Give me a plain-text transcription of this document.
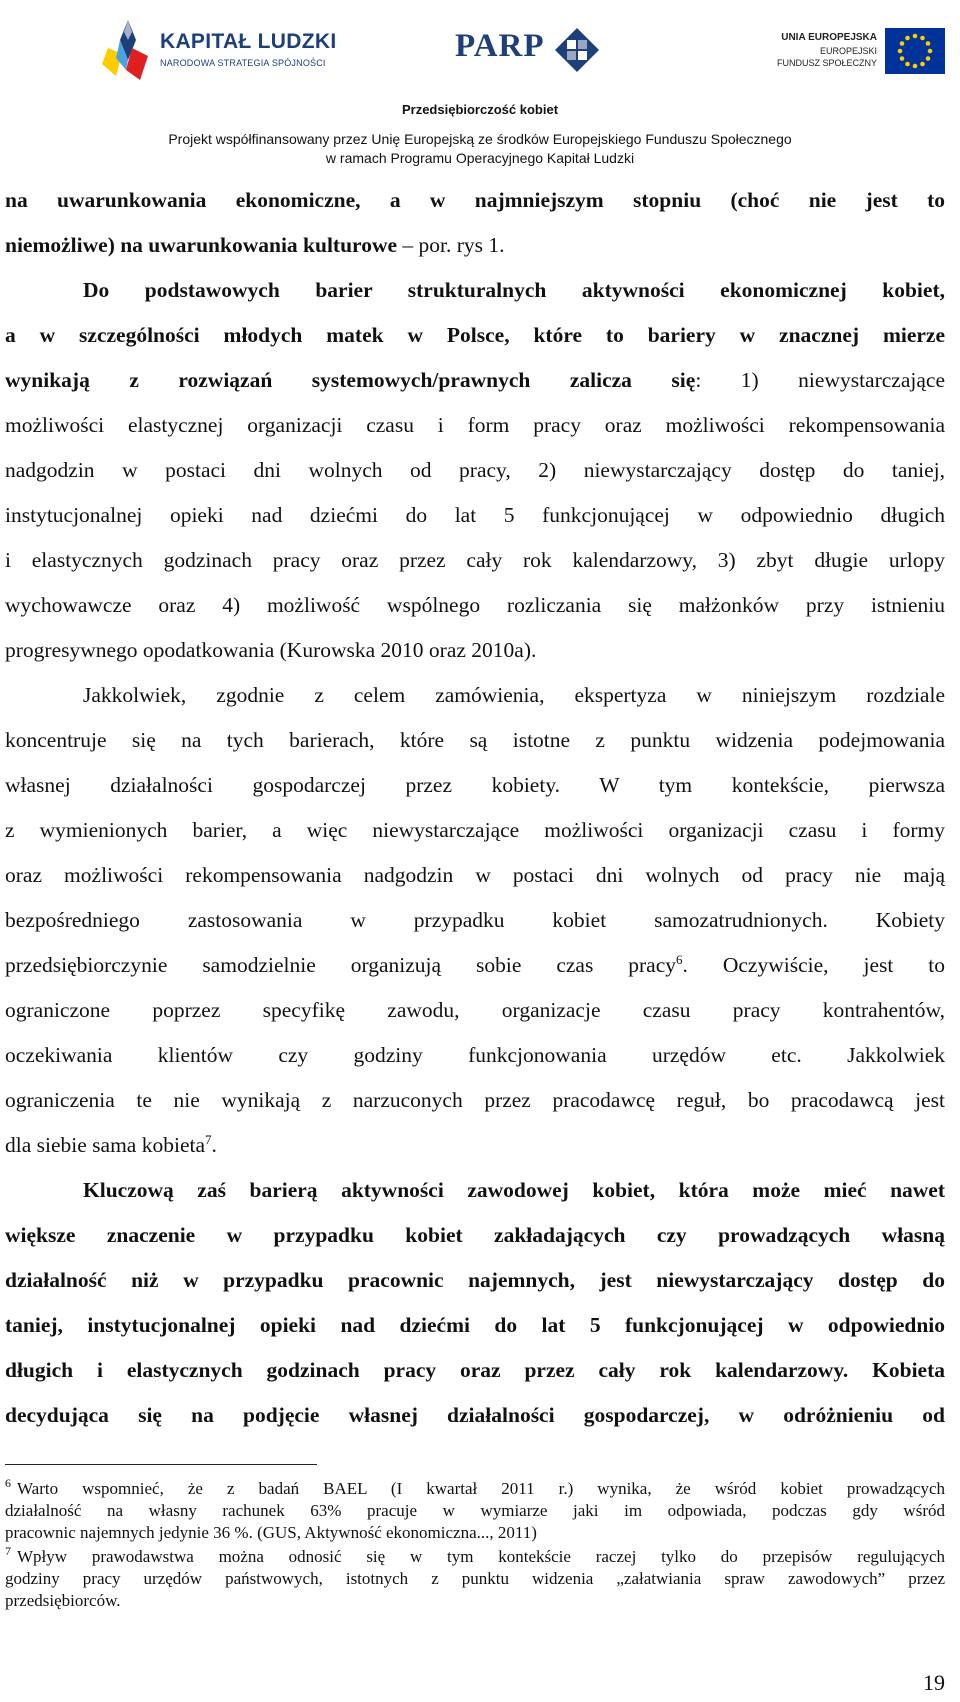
KAPITAŁ LUDZKI
NARODOWA STRATEGIA SPÓJNOŚCI	PARP	UNIA EUROPEJSKA
EUROPEJSKI
FUNDUSZ SPOŁECZNY
Przedsiębiorczość kobiet
Projekt współfinansowany przez Unię Europejską ze środków Europejskiego Funduszu Społecznego
w ramach Programu Operacyjnego Kapitał Ludzki
na uwarunkowania ekonomiczne, a w najmniejszym stopniu (choć nie jest to
niemożliwe) na uwarunkowania kulturowe – por. rys 1.
Do podstawowych barier strukturalnych aktywności ekonomicznej kobiet,
a w szczególności młodych matek w Polsce, które to bariery w znacznej mierze
wynikają z rozwiązań systemowych/prawnych zalicza się: 1) niewystarczające
możliwości elastycznej organizacji czasu i form pracy oraz możliwości rekompensowania
nadgodzin w postaci dni wolnych od pracy, 2) niewystarczający dostęp do taniej,
instytucjonalnej opieki nad dziećmi do lat 5 funkcjonującej w odpowiednio długich
i elastycznych godzinach pracy oraz przez cały rok kalendarzowy, 3) zbyt długie urlopy
wychowawcze oraz 4) możliwość wspólnego rozliczania się małżonków przy istnieniu
progresywnego opodatkowania (Kurowska 2010 oraz 2010a).
Jakkolwiek, zgodnie z celem zamówienia, ekspertyza w niniejszym rozdziale
koncentruje się na tych barierach, które są istotne z punktu widzenia podejmowania
własnej działalności gospodarczej przez kobiety. W tym kontekście, pierwsza
z wymienionych barier, a więc niewystarczające możliwości organizacji czasu i formy
oraz możliwości rekompensowania nadgodzin w postaci dni wolnych od pracy nie mają
bezpośredniego zastosowania w przypadku kobiet samozatrudnionych. Kobiety
przedsiębiorczynie samodzielnie organizują sobie czas pracy$^6$. Oczywiście, jest to
ograniczone poprzez specyfikę zawodu, organizacje czasu pracy kontrahentów,
oczekiwania klientów czy godziny funkcjonowania urzędów etc. Jakkolwiek
ograniczenia te nie wynikają z narzuconych przez pracodawcę reguł, bo pracodawcą jest
dla siebie sama kobieta$^7$.
Kluczową zaś barierą aktywności zawodowej kobiet, która może mieć nawet
większe znaczenie w przypadku kobiet zakładających czy prowadzących własną
działalność niż w przypadku pracownic najemnych, jest niewystarczający dostęp do
taniej, instytucjonalnej opieki nad dziećmi do lat 5 funkcjonującej w odpowiednio
długich i elastycznych godzinach pracy oraz przez cały rok kalendarzowy. Kobieta
decydująca się na podjęcie własnej działalności gospodarczej, w odróżnieniu od
$^6$ Warto wspomnieć, że z badań BAEL (I kwartał 2011 r.) wynika, że wśród kobiet prowadzących
działalność na własny rachunek 63% pracuje w wymiarze jaki im odpowiada, podczas gdy wśród
pracownic najemnych jedynie 36 %. (GUS, Aktywność ekonomiczna..., 2011)
$^7$ Wpływ prawodawstwa można odnosić się w tym kontekście raczej tylko do przepisów regulujących
godziny pracy urzędów państwowych, istotnych z punktu widzenia „załatwiania spraw zawodowych” przez
przedsiębiorców.
19
